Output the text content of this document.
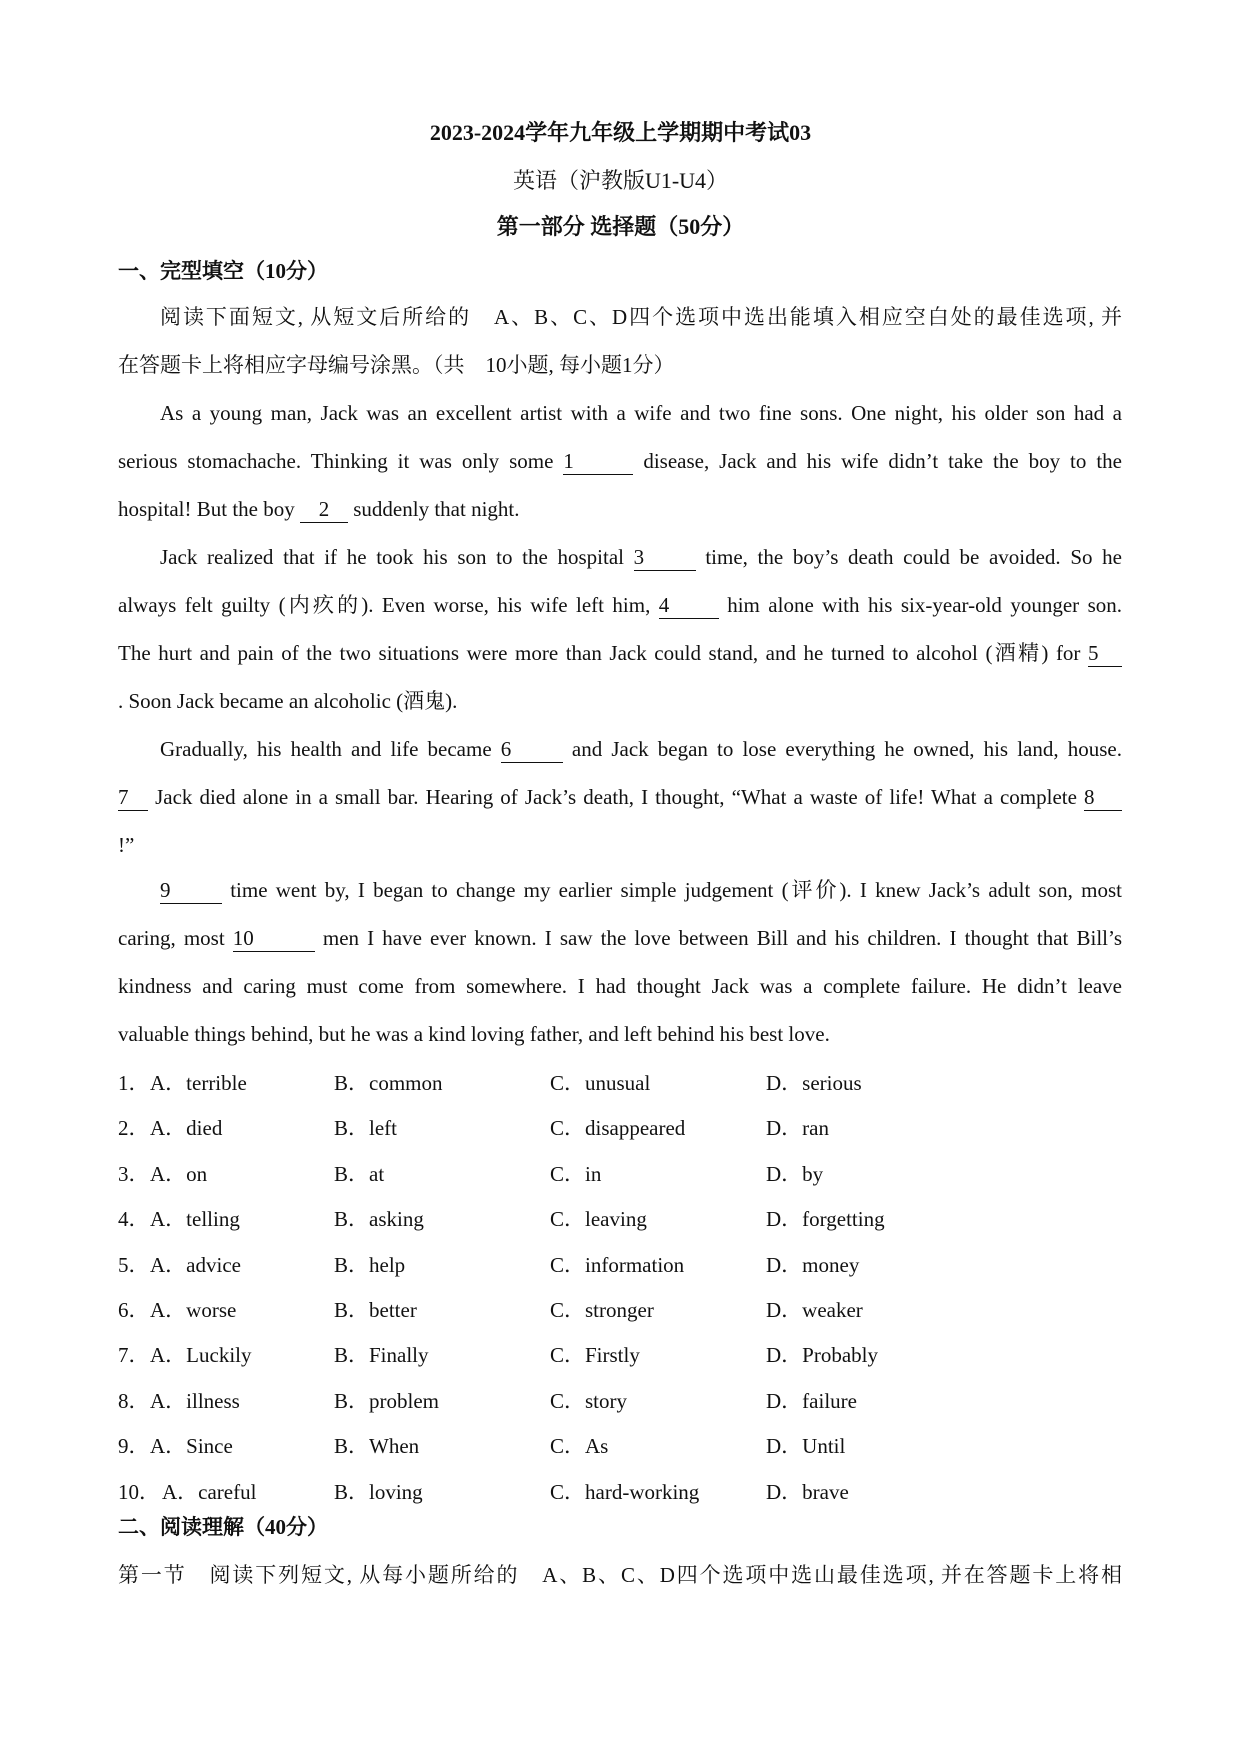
2023-2024学年九年级上学期期中考试03
英语（沪教版U1-U4）
第一部分 选择题（50分）
一、完型填空（10分）
阅读下面短文, 从短文后所给的　A、B、C、D四个选项中选出能填入相应空白处的最佳选项, 并
在答题卡上将相应字母编号涂黑。（共　10小题, 每小题1分）
As a young man, Jack was an excellent artist with a wife and two fine sons. One night, his older son had a
serious stomachache. Thinking it was only some 1	disease, Jack and his wife didn’t take the boy to the
hospital! But the boy 2 suddenly that night.
Jack realized that if he took his son to the hospital 3 time, the boy’s death could be avoided. So he
always felt guilty (内疚的). Even worse, his wife left him, 4 him alone with his six-year-old younger son.
The hurt and pain of the two situations were more than Jack could stand, and he turned to alcohol (酒精) for 5
. Soon Jack became an alcoholic (酒鬼).
Gradually, his health and life became 6 and Jack began to lose everything he owned, his land, house.
7 Jack died alone in a small bar. Hearing of Jack’s death, I thought, “What a waste of life! What a complete 8
!”
9 time went by, I began to change my earlier simple judgement (评价). I knew Jack’s adult son, most
caring, most 10	men I have ever known. I saw the love between Bill and his children. I thought that Bill’s
kindness and caring must come from somewhere. I had thought Jack was a complete failure. He didn’t leave
valuable things behind, but he was a kind loving father, and left behind his best love.
1． A．terrible	B．common	C．unusual	D．serious
2． A．died	B．left	C．disappeared	D．ran
3． A．on	B．at	C．in	D．by
4． A．telling	B．asking	C．leaving	D．forgetting
5． A．advice	B．help	C．information	D．money
6． A．worse	B．better	C．stronger	D．weaker
7． A．Luckily	B．Finally	C．Firstly	D．Probably
8． A．illness	B．problem	C．story	D．failure
9． A．Since	B．When	C．As	D．Until
10． A．careful	B．loving	C．hard-working	D．brave
二、阅读理解（40分）
第一节　阅读下列短文, 从每小题所给的　A、B、C、D四个选项中选山最佳选项, 并在答题卡上将相
